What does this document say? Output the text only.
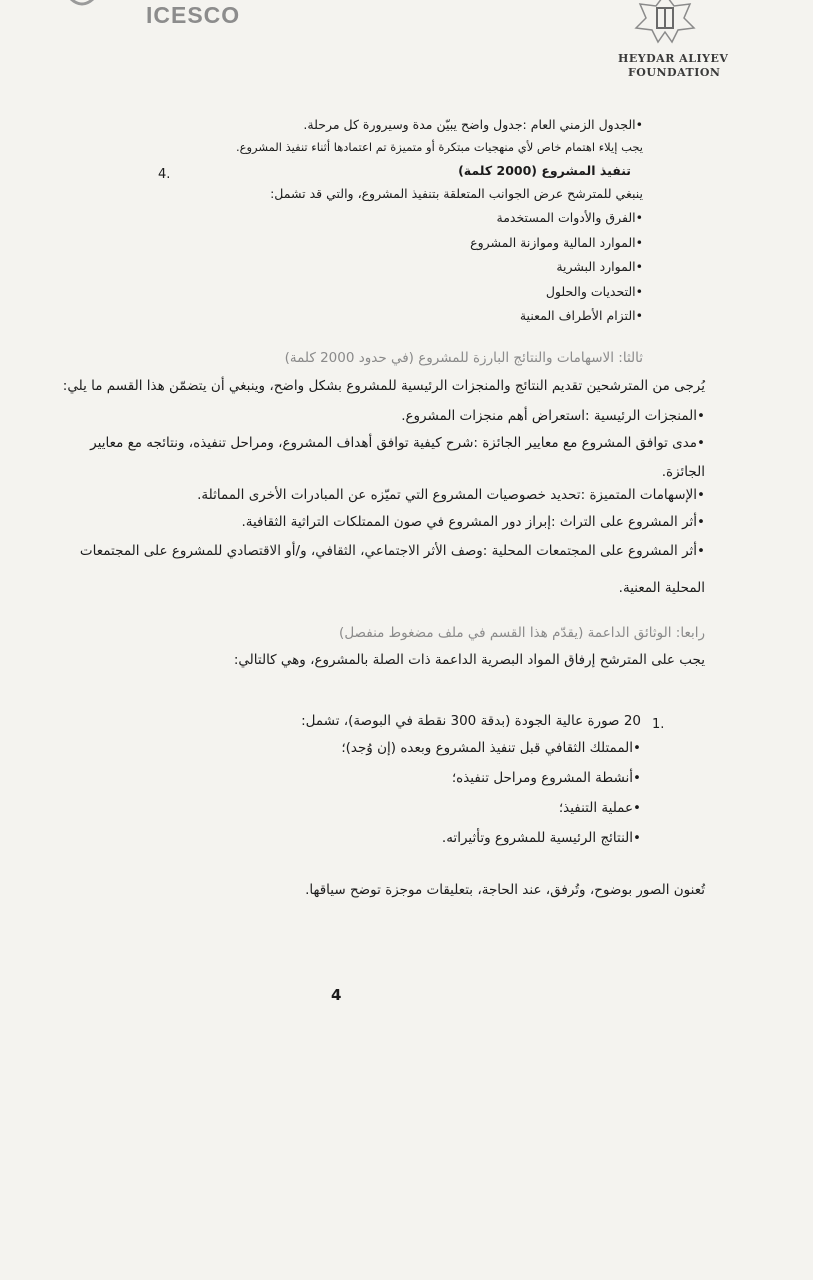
ICESCO
HEYDAR ALIYEV
FOUNDATION
•الجدول الزمني العام :جدول واضح يبيّن مدة وسيرورة كل مرحلة.
يجب إيلاء اهتمام خاص لأي منهجيات مبتكرة أو متميزة تم اعتمادها أثناء تنفيذ المشروع.
4.	تنفيذ المشروع (2000 كلمة)
ينبغي للمترشح عرض الجوانب المتعلقة بتنفيذ المشروع، والتي قد تشمل:
•الفرق والأدوات المستخدمة
•الموارد المالية وموازنة المشروع
•الموارد البشرية
•التحديات والحلول
•التزام الأطراف المعنية
ثالثا: الاسهامات والنتائج البارزة للمشروع (في حدود 2000 كلمة)
يُرجى من المترشحين تقديم النتائج والمنجزات الرئيسية للمشروع بشكل واضح، وينبغي أن يتضمّن هذا القسم ما يلي:
•المنجزات الرئيسية :استعراض أهم منجزات المشروع.
•مدى توافق المشروع مع معايير الجائزة :شرح كيفية توافق أهداف المشروع، ومراحل تنفيذه، ونتائجه مع معايير
الجائزة.
•الإسهامات المتميزة :تحديد خصوصيات المشروع التي تميّزه عن المبادرات الأخرى المماثلة.
•أثر المشروع على التراث :إبراز دور المشروع في صون الممتلكات التراثية الثقافية.
•أثر المشروع على المجتمعات المحلية :وصف الأثر الاجتماعي، الثقافي، و/أو الاقتصادي للمشروع على المجتمعات
المحلية المعنية.
رابعا: الوثائق الداعمة (يقدّم هذا القسم في ملف مضغوط منفصل)
يجب على المترشح إرفاق المواد البصرية الداعمة ذات الصلة بالمشروع، وهي كالتالي:
1.
20 صورة عالية الجودة (بدقة 300 نقطة في البوصة)، تشمل:
•الممتلك الثقافي قبل تنفيذ المشروع وبعده (إن وُجد)؛
•أنشطة المشروع ومراحل تنفيذه؛
•عملية التنفيذ؛
•النتائج الرئيسية للمشروع وتأثيراته.
تُعنون الصور بوضوح، وتُرفق، عند الحاجة، بتعليقات موجزة توضح سياقها.
4
